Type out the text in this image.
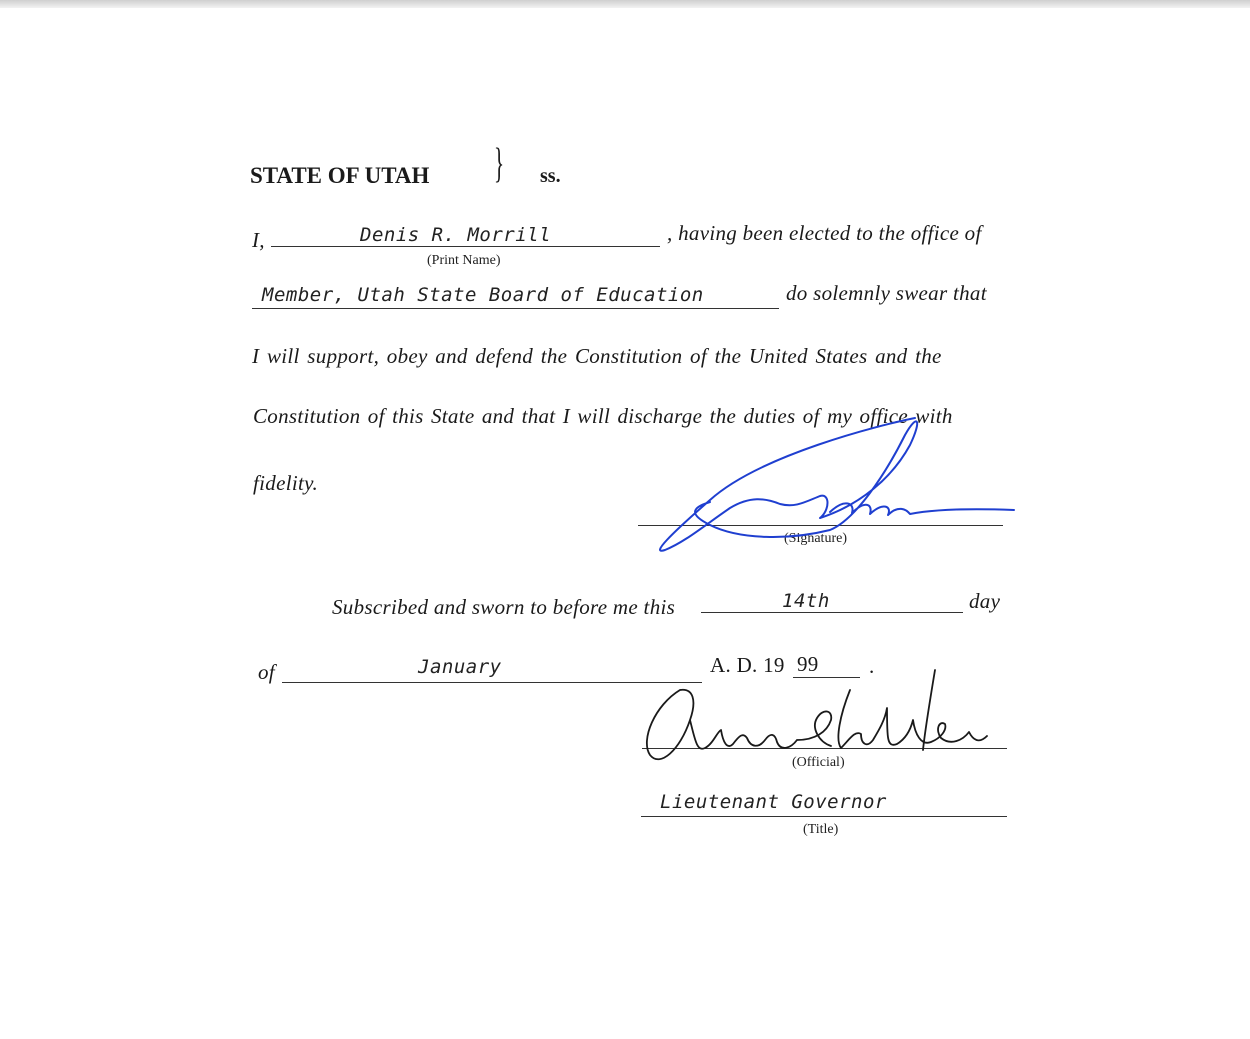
STATE OF UTAH } ss.
I,	Denis R. Morrill
(Print Name)
, having been elected to the office of
Member, Utah State Board of Education	do solemnly swear that
I will support, obey and defend the Constitution of the United States and the
Constitution of this State and that I will discharge the duties of my office with
fidelity.
(Signature)
Subscribed and sworn to before me this	14th	day
of	January	A. D. 19 99 .
(Official)
Lieutenant Governor
(Title)
